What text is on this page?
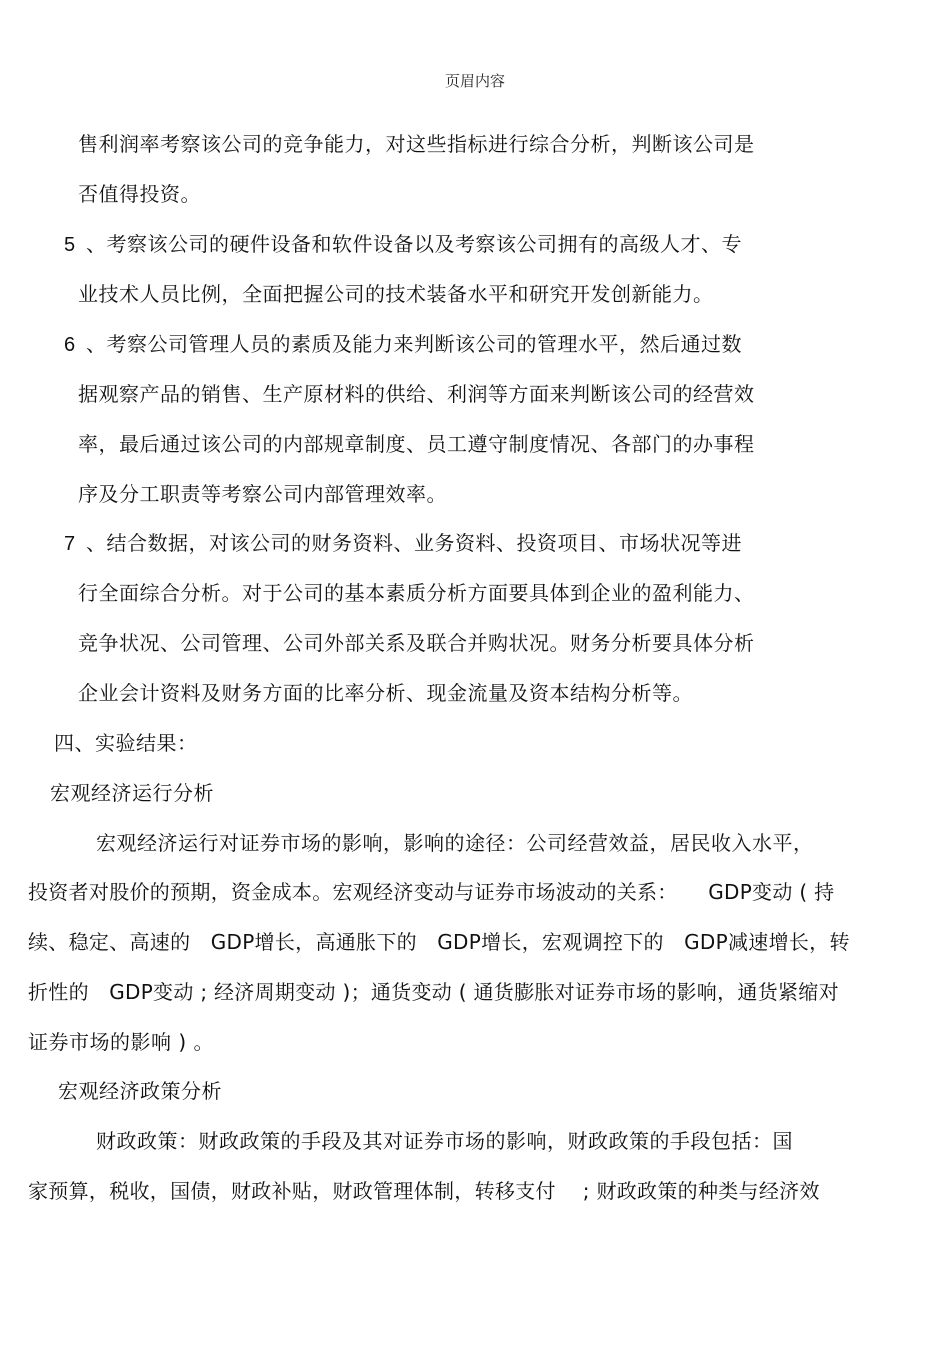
页眉内容
售利润率考察该公司的竞争能力，对这些指标进行综合分析，判断该公司是
否值得投资。
5 、考察该公司的硬件设备和软件设备以及考察该公司拥有的高级人才、专
业技术人员比例，全面把握公司的技术装备水平和研究开发创新能力。
6 、考察公司管理人员的素质及能力来判断该公司的管理水平，然后通过数
据观察产品的销售、生产原材料的供给、利润等方面来判断该公司的经营效
率，最后通过该公司的内部规章制度、员工遵守制度情况、各部门的办事程
序及分工职责等考察公司内部管理效率。
7 、结合数据，对该公司的财务资料、业务资料、投资项目、市场状况等进
行全面综合分析。对于公司的基本素质分析方面要具体到企业的盈利能力、
竞争状况、公司管理、公司外部关系及联合并购状况。财务分析要具体分析
企业会计资料及财务方面的比率分析、现金流量及资本结构分析等。
四、实验结果：
宏观经济运行分析
宏观经济运行对证券市场的影响，影响的途径：公司经营效益，居民收入水平，
投资者对股价的预期，资金成本。宏观经济变动与证券市场波动的关系：　　GDP变动 ( 持
续、稳定、高速的　GDP增长，高通胀下的　GDP增长，宏观调控下的　GDP减速增长，转
折性的　GDP变动 ; 经济周期变动 )；通货变动 ( 通货膨胀对证券市场的影响，通货紧缩对
证券市场的影响 ) 。
宏观经济政策分析
财政政策：财政政策的手段及其对证券市场的影响，财政政策的手段包括：国
家预算，税收，国债，财政补贴，财政管理体制，转移支付　 ; 财政政策的种类与经济效
